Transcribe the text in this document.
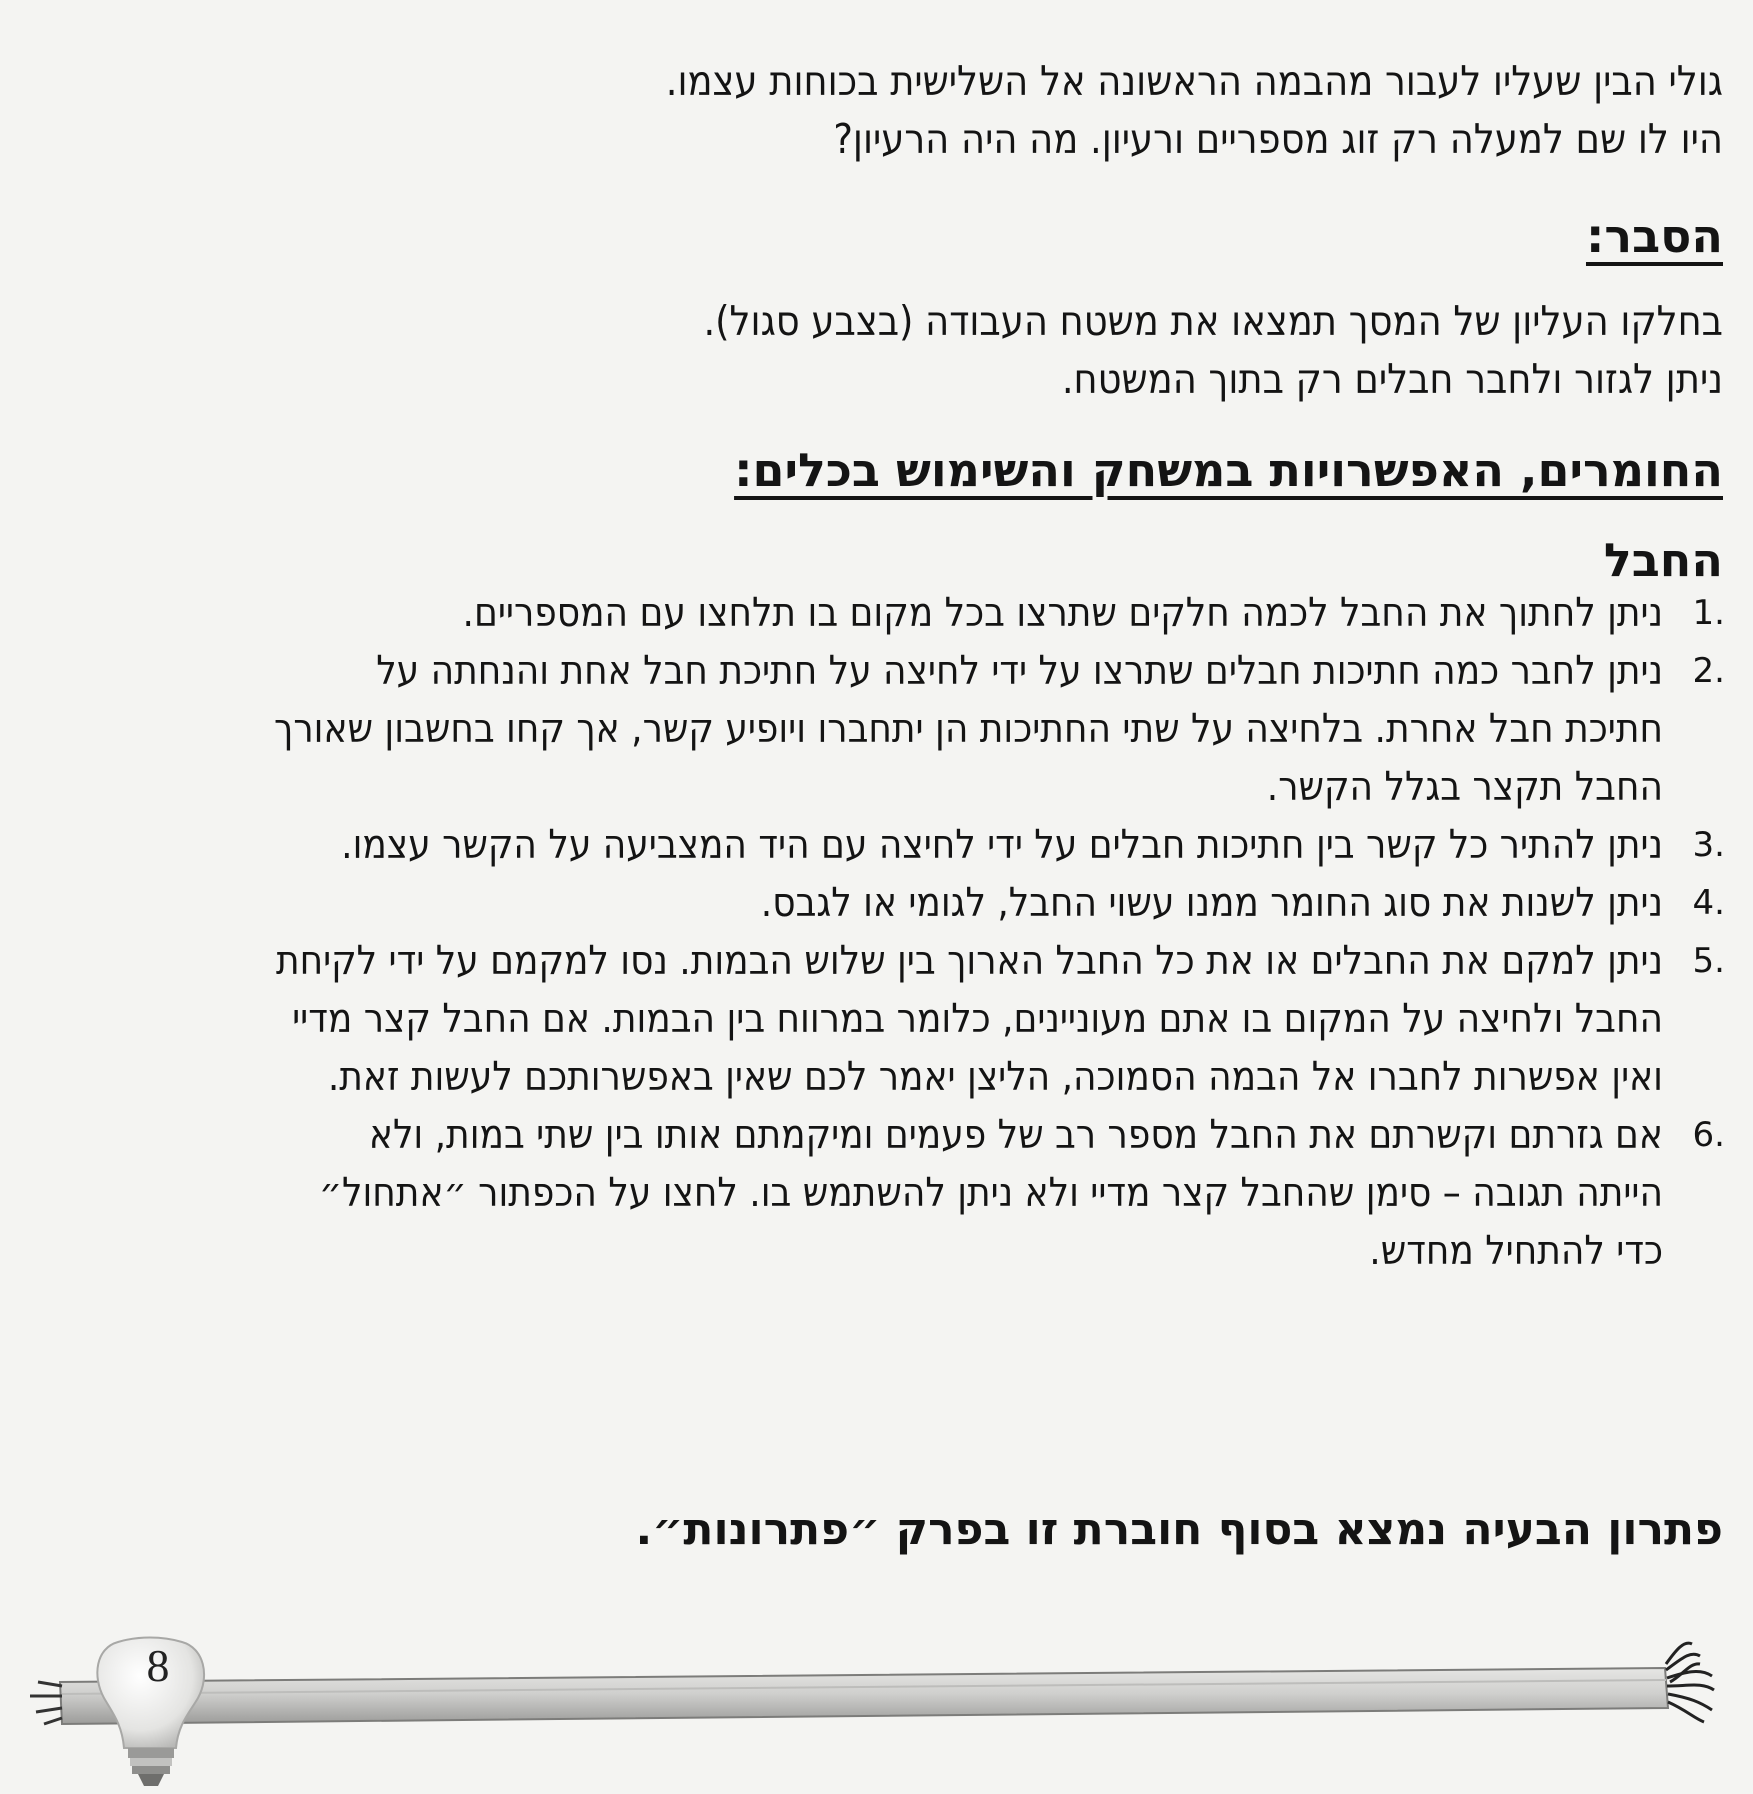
גולי הבין שעליו לעבור מהבמה הראשונה אל השלישית בכוחות עצמו.
היו לו שם למעלה רק זוג מספריים ורעיון. מה היה הרעיון?
הסבר:
בחלקו העליון של המסך תמצאו את משטח העבודה (בצבע סגול).
ניתן לגזור ולחבר חבלים רק בתוך המשטח.
החומרים, האפשרויות במשחק והשימוש בכלים:
החבל
1.
ניתן לחתוך את החבל לכמה חלקים שתרצו בכל מקום בו תלחצו עם המספריים.
2.
ניתן לחבר כמה חתיכות חבלים שתרצו על ידי לחיצה על חתיכת חבל אחת והנחתה על
חתיכת חבל אחרת. בלחיצה על שתי החתיכות הן יתחברו ויופיע קשר, אך קחו בחשבון שאורך
החבל תקצר בגלל הקשר.
3.
ניתן להתיר כל קשר בין חתיכות חבלים על ידי לחיצה עם היד המצביעה על הקשר עצמו.
4.
ניתן לשנות את סוג החומר ממנו עשוי החבל, לגומי או לגבס.
5.
ניתן למקם את החבלים או את כל החבל הארוך בין שלוש הבמות. נסו למקמם על ידי לקיחת
החבל ולחיצה על המקום בו אתם מעוניינים, כלומר במרווח בין הבמות. אם החבל קצר מדיי
ואין אפשרות לחברו אל הבמה הסמוכה, הליצן יאמר לכם שאין באפשרותכם לעשות זאת.
6.
אם גזרתם וקשרתם את החבל מספר רב של פעמים ומיקמתם אותו בין שתי במות, ולא
הייתה תגובה – סימן שהחבל קצר מדיי ולא ניתן להשתמש בו. לחצו על הכפתור ״אתחול״
כדי להתחיל מחדש.
פתרון הבעיה נמצא בסוף חוברת זו בפרק ״פתרונות״.
8
